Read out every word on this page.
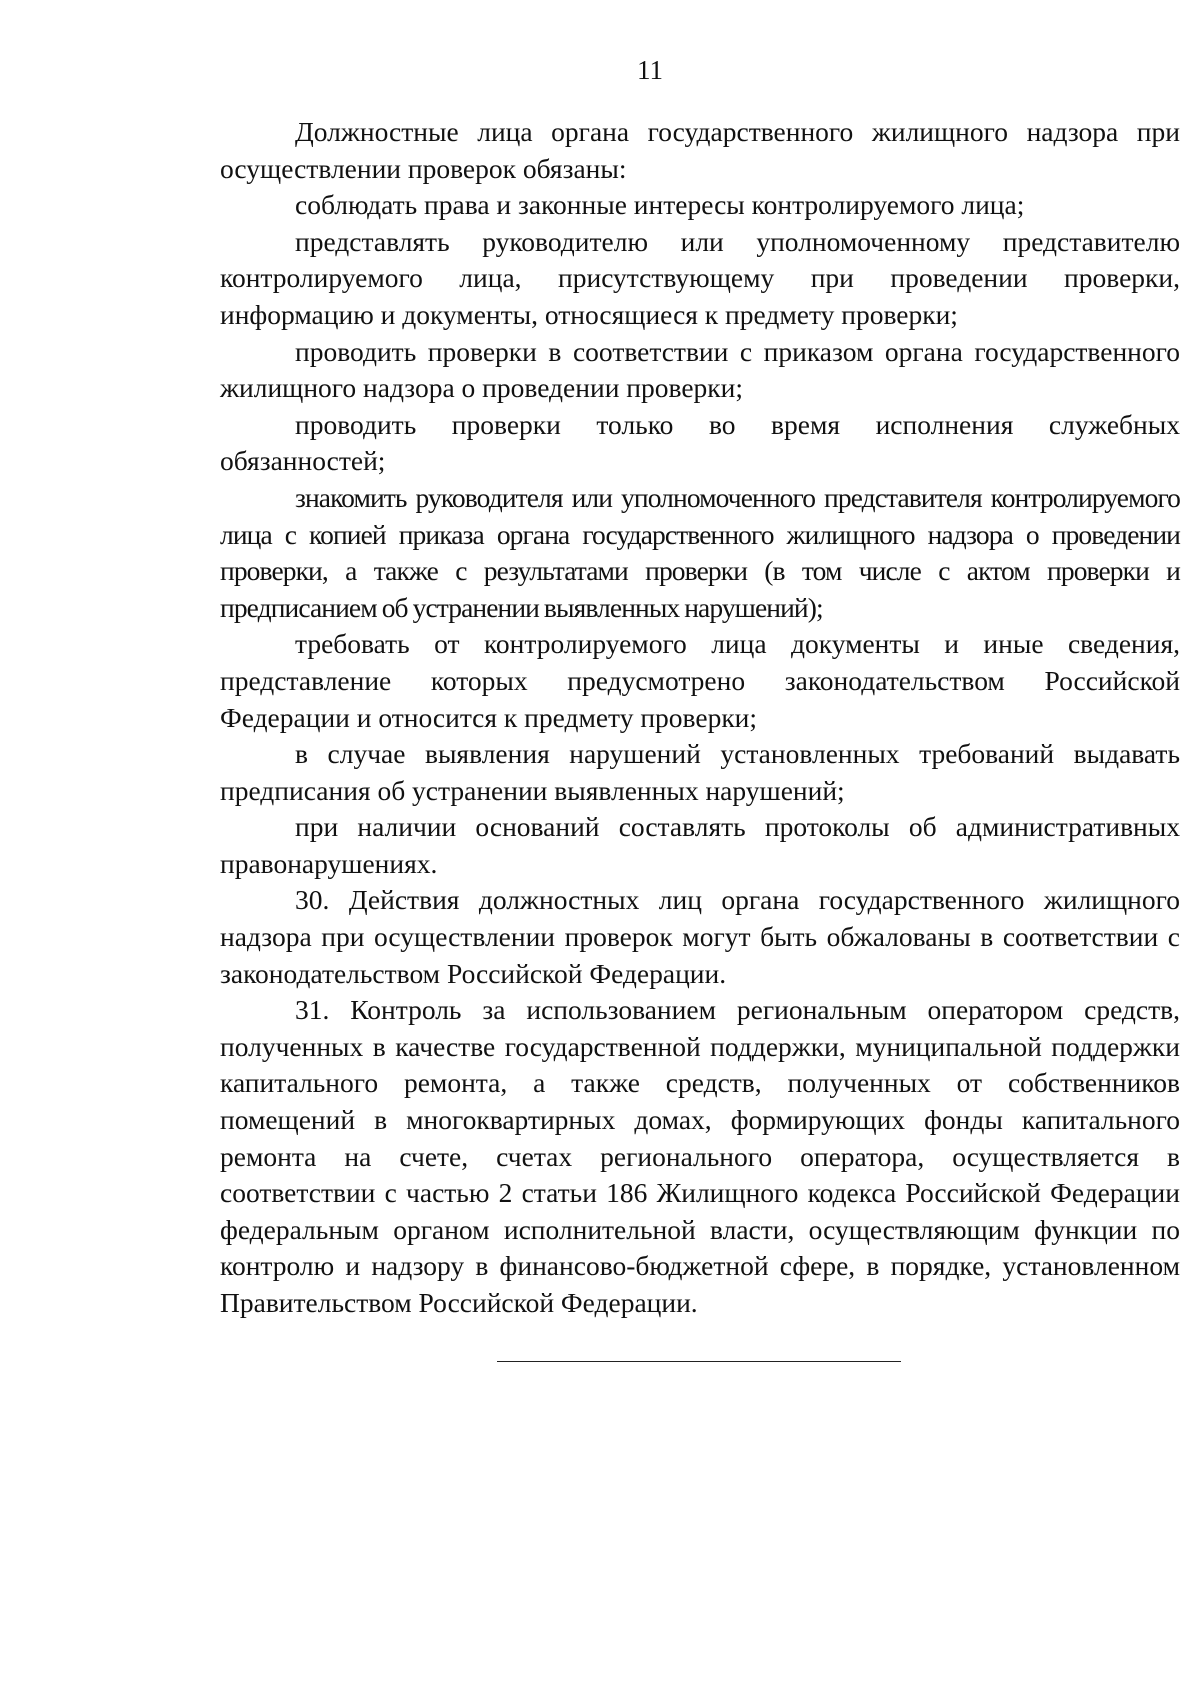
11

Должностные лица органа государственного жилищного надзора при осуществлении проверок обязаны:

соблюдать права и законные интересы контролируемого лица;

представлять руководителю или уполномоченному представителю контролируемого лица, присутствующему при проведении проверки, информацию и документы, относящиеся к предмету проверки;

проводить проверки в соответствии с приказом органа государственного жилищного надзора о проведении проверки;

проводить проверки только во время исполнения служебных обязанностей;

знакомить руководителя или уполномоченного представителя контролируемого лица с копией приказа органа государственного жилищного надзора о проведении проверки, а также с результатами проверки (в том числе с актом проверки и предписанием об устранении выявленных нарушений);

требовать от контролируемого лица документы и иные сведения, представление которых предусмотрено законодательством Российской Федерации и относится к предмету проверки;

в случае выявления нарушений установленных требований выдавать предписания об устранении выявленных нарушений;

при наличии оснований составлять протоколы об административных правонарушениях.

30. Действия должностных лиц органа государственного жилищного надзора при осуществлении проверок могут быть обжалованы в соответствии с законодательством Российской Федерации.

31. Контроль за использованием региональным оператором средств, полученных в качестве государственной поддержки, муниципальной поддержки капитального ремонта, а также средств, полученных от собственников помещений в многоквартирных домах, формирующих фонды капитального ремонта на счете, счетах регионального оператора, осуществляется в соответствии с частью 2 статьи 186 Жилищного кодекса Российской Федерации федеральным органом исполнительной власти, осуществляющим функции по контролю и надзору в финансово-бюджетной сфере, в порядке, установленном Правительством Российской Федерации.
